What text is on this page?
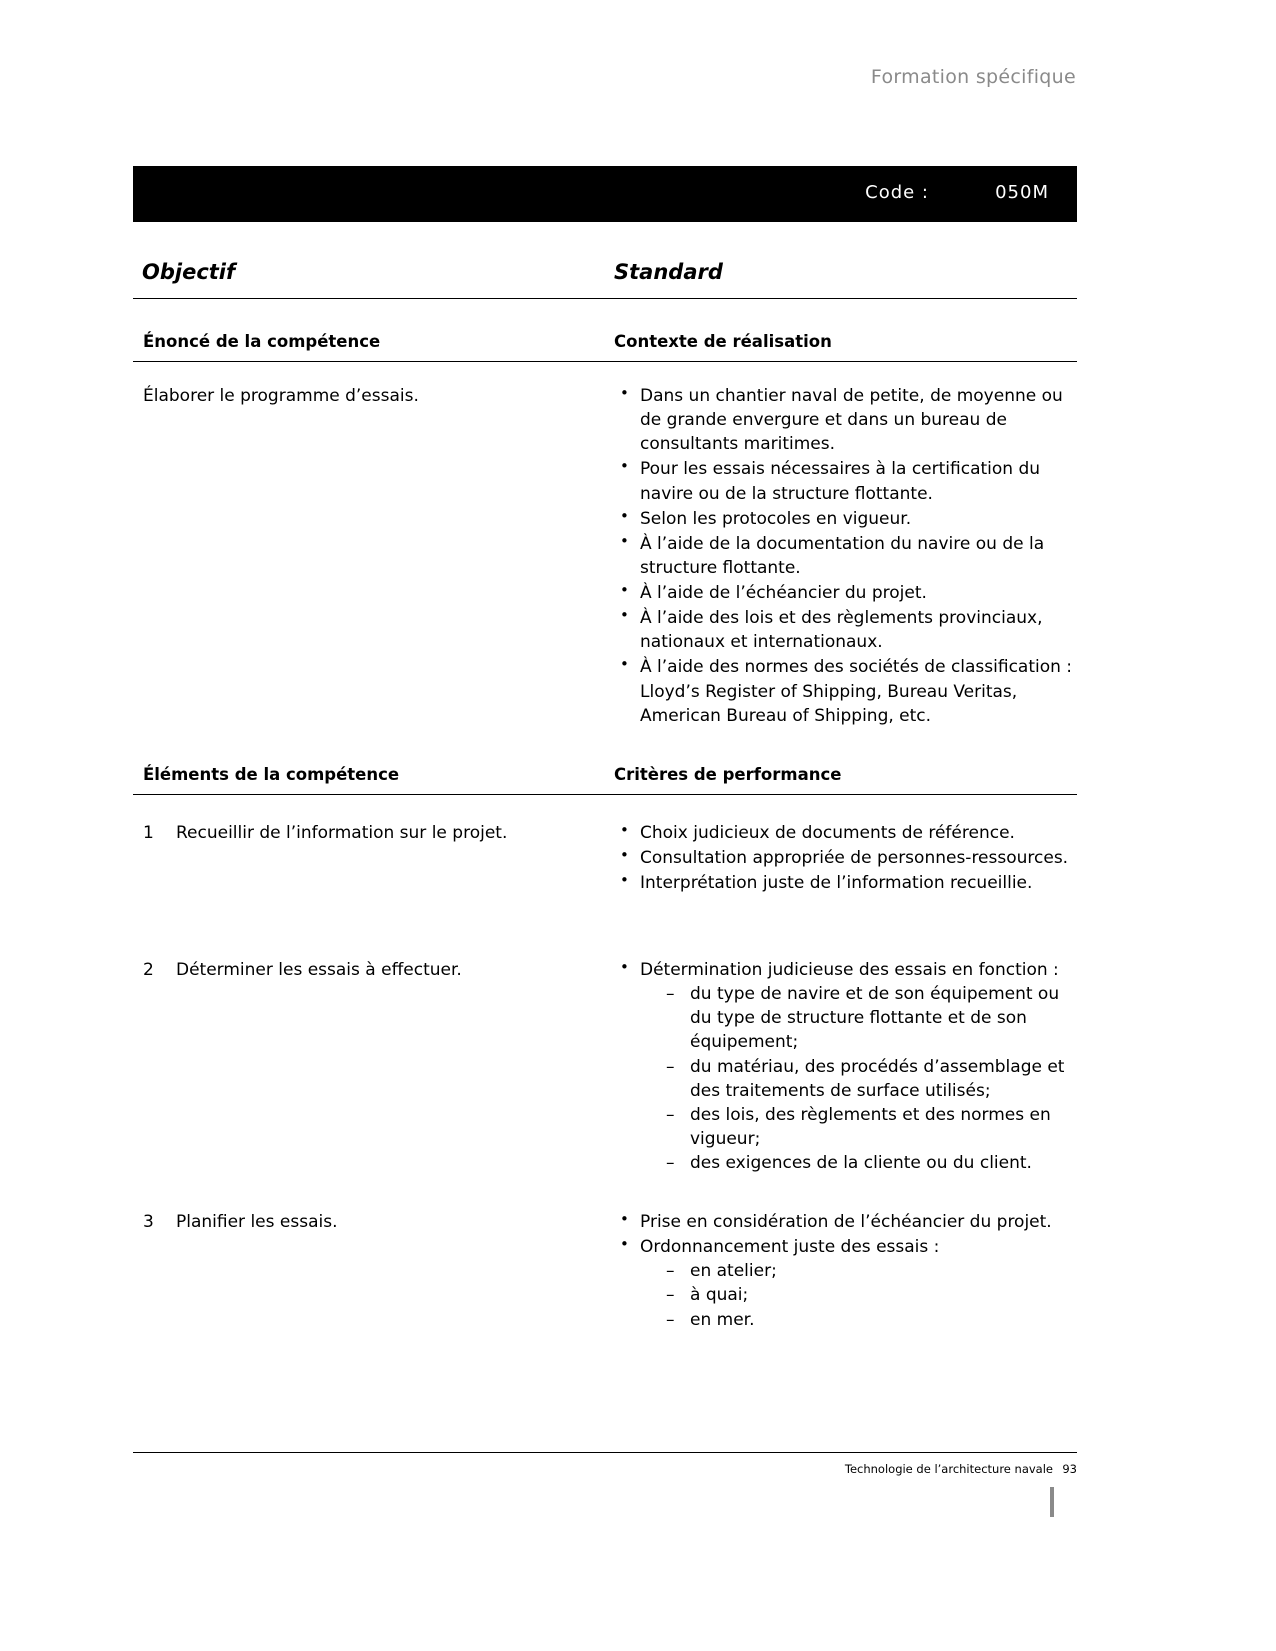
Formation spécifique
Code :	050M
Objectif	Standard
Énoncé de la compétence	Contexte de réalisation
Élaborer le programme d’essais.	• Dans un chantier naval de petite, de moyenne ou de grande envergure et dans un bureau de consultants maritimes.
• Pour les essais nécessaires à la certification du navire ou de la structure flottante.
• Selon les protocoles en vigueur.
• À l’aide de la documentation du navire ou de la structure flottante.
• À l’aide de l’échéancier du projet.
• À l’aide des lois et des règlements provinciaux, nationaux et internationaux.
• À l’aide des normes des sociétés de classification : Lloyd’s Register of Shipping, Bureau Veritas, American Bureau of Shipping, etc.
Éléments de la compétence	Critères de performance
1 Recueillir de l’information sur le projet.	• Choix judicieux de documents de référence.
• Consultation appropriée de personnes-ressources.
• Interprétation juste de l’information recueillie.
2 Déterminer les essais à effectuer.	• Détermination judicieuse des essais en fonction :
– du type de navire et de son équipement ou du type de structure flottante et de son équipement;
– du matériau, des procédés d’assemblage et des traitements de surface utilisés;
– des lois, des règlements et des normes en vigueur;
– des exigences de la cliente ou du client.
3 Planifier les essais.	• Prise en considération de l’échéancier du projet.
• Ordonnancement juste des essais :
– en atelier;
– à quai;
– en mer.
Technologie de l’architecture navale 93
